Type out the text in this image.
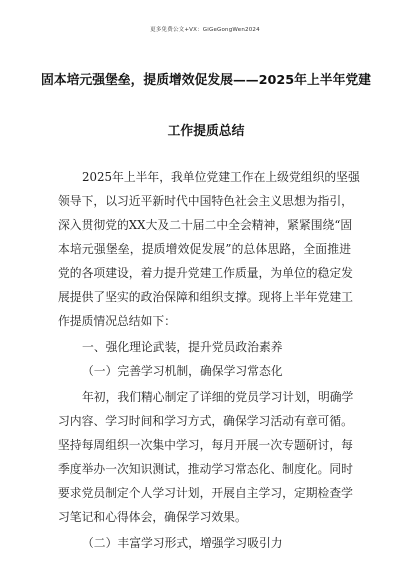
更多免费公文+VX：GiGeGongWen2024
固本培元强堡垒，提质增效促发展——2025年上半年党建
工作提质总结
2025年上半年，我单位党建工作在上级党组织的坚强
领导下，以习近平新时代中国特色社会主义思想为指引，
深入贯彻党的XX大及二十届二中全会精神，紧紧围绕“固
本培元强堡垒，提质增效促发展”的总体思路，全面推进
党的各项建设，着力提升党建工作质量，为单位的稳定发
展提供了坚实的政治保障和组织支撑。现将上半年党建工
作提质情况总结如下：
一、强化理论武装，提升党员政治素养
（一）完善学习机制，确保学习常态化
年初，我们精心制定了详细的党员学习计划，明确学
习内容、学习时间和学习方式，确保学习活动有章可循。
坚持每周组织一次集中学习，每月开展一次专题研讨，每
季度举办一次知识测试，推动学习常态化、制度化。同时
要求党员制定个人学习计划，开展自主学习，定期检查学
习笔记和心得体会，确保学习效果。
（二）丰富学习形式，增强学习吸引力
